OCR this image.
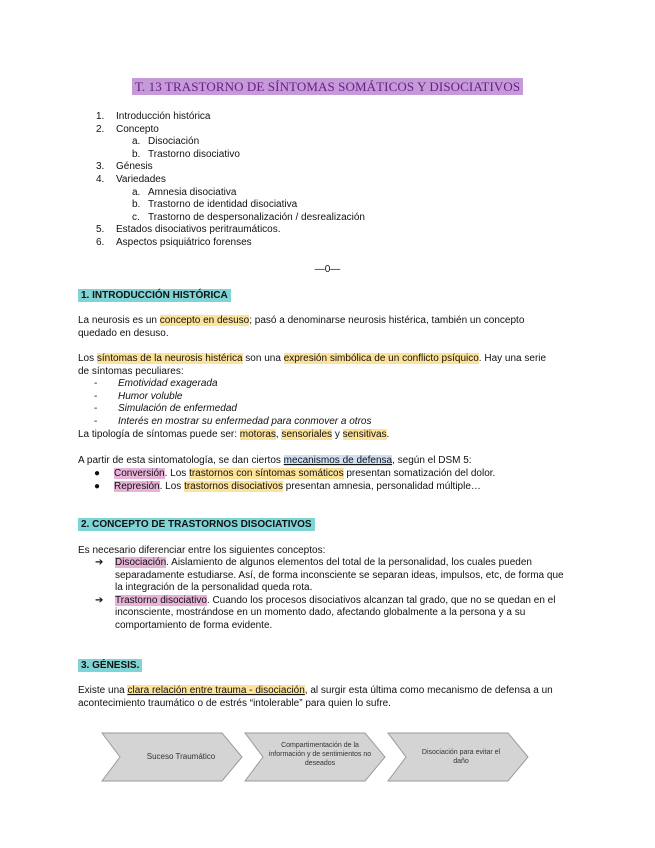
T. 13 TRASTORNO DE SÍNTOMAS SOMÁTICOS Y DISOCIATIVOS
1. Introducción histórica
2. Concepto
a. Disociación
b. Trastorno disociativo
3. Génesis
4. Variedades
a. Amnesia disociativa
b. Trastorno de identidad disociativa
c. Trastorno de despersonalización / desrealización
5. Estados disociativos peritraumáticos.
6. Aspectos psiquiátrico forenses
—0—
1. INTRODUCCIÓN HISTÓRICA
La neurosis es un concepto en desuso; pasó a denominarse neurosis histérica, también un concepto quedado en desuso.
Los síntomas de la neurosis histérica son una expresión simbólica de un conflicto psíquico. Hay una serie de síntomas peculiares:
- Emotividad exagerada
- Humor voluble
- Simulación de enfermedad
- Interés en mostrar su enfermedad para conmover a otros
La tipología de síntomas puede ser: motoras, sensoriales y sensitivas.
A partir de esta sintomatología, se dan ciertos mecanismos de defensa, según el DSM 5:
● Conversión. Los trastornos con síntomas somáticos presentan somatización del dolor.
● Represión. Los trastornos disociativos presentan amnesia, personalidad múltiple…
2. CONCEPTO DE TRASTORNOS DISOCIATIVOS
Es necesario diferenciar entre los siguientes conceptos:
➔ Disociación. Aislamiento de algunos elementos del total de la personalidad, los cuales pueden separadamente estudiarse. Así, de forma inconsciente se separan ideas, impulsos, etc, de forma que la integración de la personalidad queda rota.
➔ Trastorno disociativo. Cuando los procesos disociativos alcanzan tal grado, que no se quedan en el inconsciente, mostrándose en un momento dado, afectando globalmente a la persona y a su comportamiento de forma evidente.
3. GÉNESIS.
Existe una clara relación entre trauma - disociación, al surgir esta última como mecanismo de defensa a un acontecimiento traumático o de estrés “intolerable” para quien lo sufre.
Suceso Traumático
Compartimentación de la información y de sentimientos no deseados
Disociación para evitar el daño
